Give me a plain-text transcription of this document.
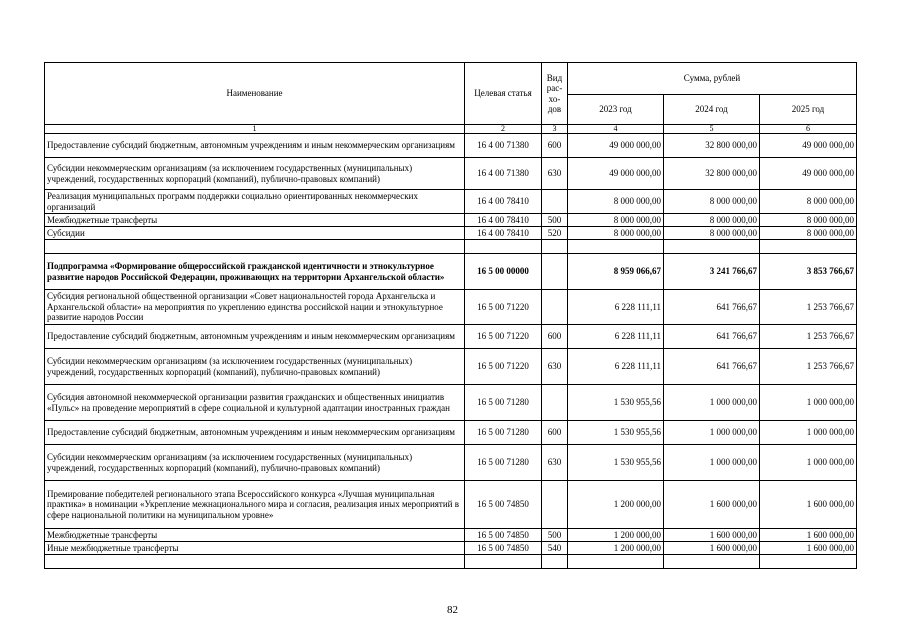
Наименование	Целевая статья	Вид
рас-
хо-
дов	Сумма, рублей		
			2023 год	2024 год	2025 год
1	2	3	4	5	6
Предоставление субсидий бюджетным, автономным учреждениям и иным некоммерческим организациям	16 4 00 71380	600	49 000 000,00	32 800 000,00	49 000 000,00
Субсидии некоммерческим организациям (за исключением государственных (муниципальных) учреждений, государственных корпораций (компаний), публично-правовых компаний)	16 4 00 71380	630	49 000 000,00	32 800 000,00	49 000 000,00
Реализация муниципальных программ поддержки социально ориентированных некоммерческих организаций	16 4 00 78410		8 000 000,00	8 000 000,00	8 000 000,00
Межбюджетные трансферты	16 4 00 78410	500	8 000 000,00	8 000 000,00	8 000 000,00
Субсидии	16 4 00 78410	520	8 000 000,00	8 000 000,00	8 000 000,00

Подпрограмма «Формирование общероссийской гражданской идентичности и этнокультурное развитие народов Российской Федерации, проживающих на территории Архангельской области»	16 5 00 00000		8 959 066,67	3 241 766,67	3 853 766,67
Субсидия региональной общественной организации «Совет национальностей города Архангельска и Архангельской области» на мероприятия по укреплению единства российской нации и этнокультурное развитие народов России	16 5 00 71220		6 228 111,11	641 766,67	1 253 766,67
Предоставление субсидий бюджетным, автономным учреждениям и иным некоммерческим организациям	16 5 00 71220	600	6 228 111,11	641 766,67	1 253 766,67
Субсидии некоммерческим организациям (за исключением государственных (муниципальных) учреждений, государственных корпораций (компаний), публично-правовых компаний)	16 5 00 71220	630	6 228 111,11	641 766,67	1 253 766,67
Субсидия автономной некоммерческой организации развития гражданских и общественных инициатив «Пульс» на проведение мероприятий в сфере социальной и культурной адаптации иностранных граждан	16 5 00 71280		1 530 955,56	1 000 000,00	1 000 000,00
Предоставление субсидий бюджетным, автономным учреждениям и иным некоммерческим организациям	16 5 00 71280	600	1 530 955,56	1 000 000,00	1 000 000,00
Субсидии некоммерческим организациям (за исключением государственных (муниципальных) учреждений, государственных корпораций (компаний), публично-правовых компаний)	16 5 00 71280	630	1 530 955,56	1 000 000,00	1 000 000,00
Премирование победителей регионального этапа Всероссийского конкурса «Лучшая муниципальная практика» в номинации «Укрепление межнационального мира и согласия, реализация иных мероприятий в сфере национальной политики на муниципальном уровне»	16 5 00 74850		1 200 000,00	1 600 000,00	1 600 000,00
Межбюджетные трансферты	16 5 00 74850	500	1 200 000,00	1 600 000,00	1 600 000,00
Иные межбюджетные трансферты	16 5 00 74850	540	1 200 000,00	1 600 000,00	1 600 000,00

82
